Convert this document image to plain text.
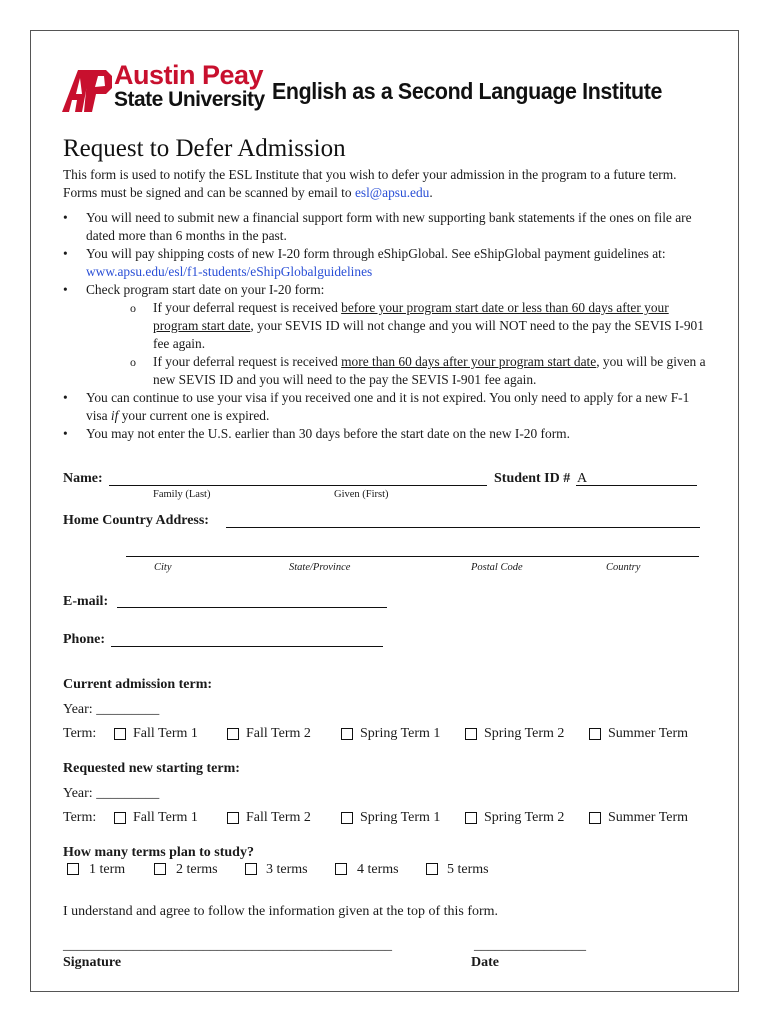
Austin Peay
State University English as a Second Language Institute
Request to Defer Admission

This form is used to notify the ESL Institute that you wish to defer your admission in the program to a future term. Forms must be signed and can be scanned by email to esl@apsu.edu.

• You will need to submit new a financial support form with new supporting bank statements if the ones on file are dated more than 6 months in the past.
• You will pay shipping costs of new I-20 form through eShipGlobal. See eShipGlobal payment guidelines at: www.apsu.edu/esl/f1-students/eShipGlobalguidelines
• Check program start date on your I-20 form:
o If your deferral request is received before your program start date or less than 60 days after your program start date, your SEVIS ID will not change and you will NOT need to the pay the SEVIS I-901 fee again.
o If your deferral request is received more than 60 days after your program start date, you will be given a new SEVIS ID and you will need to the pay the SEVIS I-901 fee again.
• You can continue to use your visa if you received one and it is not expired. You only need to apply for a new F-1 visa if your current one is expired.
• You may not enter the U.S. earlier than 30 days before the start date on the new I-20 form.
Name:
Family (Last)	Given (First)
Student ID # A
Home Country Address:
City	State/Province	Postal Code	Country
E-mail:
Phone:
Current admission term:
Year: _________
Term:	Fall Term 1	Fall Term 2	Spring Term 1	Spring Term 2	Summer Term
Requested new starting term:
Year: _________
Term:	Fall Term 1	Fall Term 2	Spring Term 1	Spring Term 2	Summer Term
How many terms plan to study?
1 term	2 terms	3 terms	4 terms	5 terms
I understand and agree to follow the information given at the top of this form.
_______________________________________________	________________
Signature	Date
